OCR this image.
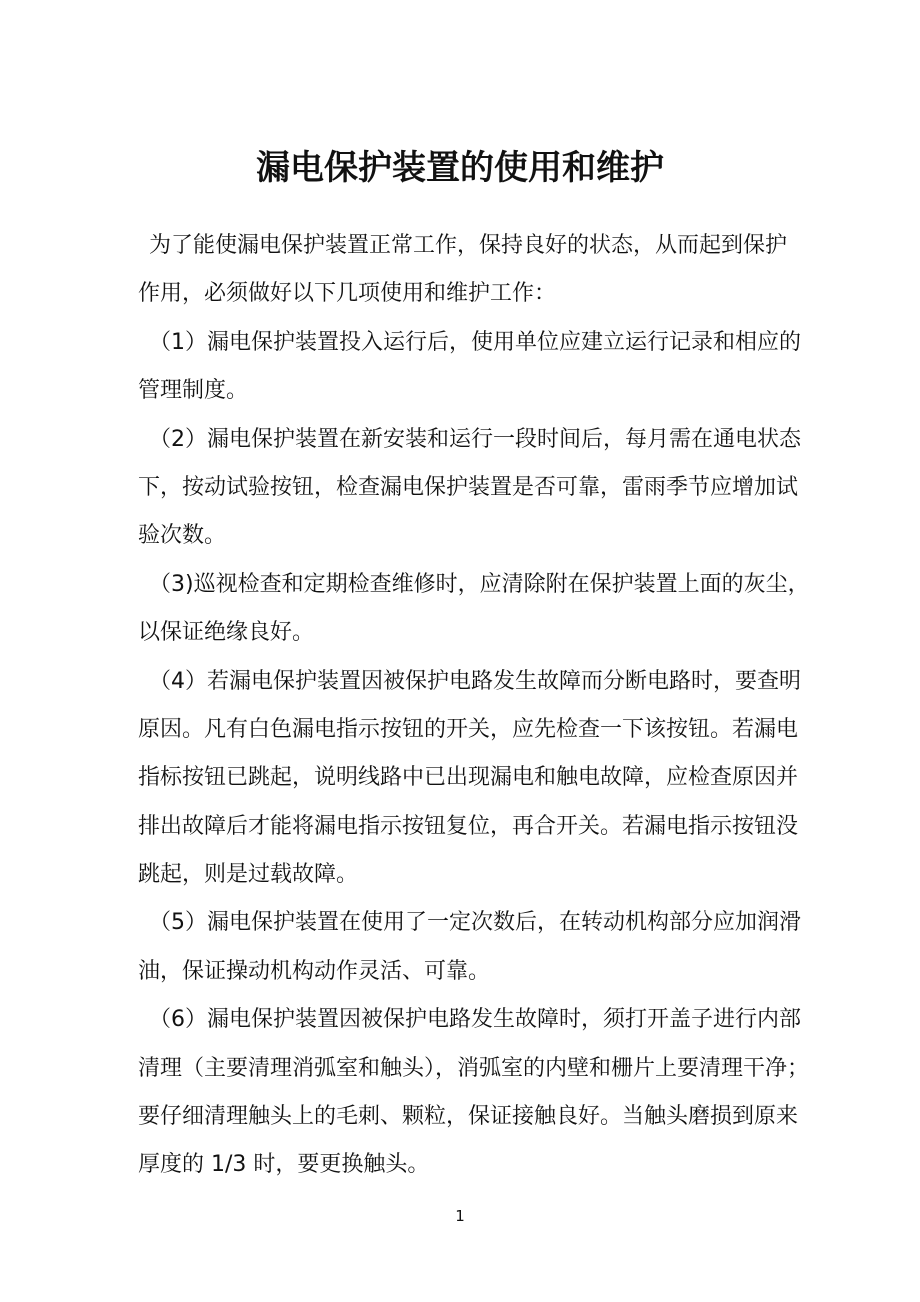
漏电保护装置的使用和维护
为了能使漏电保护装置正常工作，保持良好的状态，从而起到保护
作用，必须做好以下几项使用和维护工作：
（1）漏电保护装置投入运行后，使用单位应建立运行记录和相应的
管理制度。
（2）漏电保护装置在新安装和运行一段时间后，每月需在通电状态
下，按动试验按钮，检查漏电保护装置是否可靠，雷雨季节应增加试
验次数。
（3)巡视检查和定期检查维修时，应清除附在保护装置上面的灰尘，
以保证绝缘良好。
（4）若漏电保护装置因被保护电路发生故障而分断电路时，要查明
原因。凡有白色漏电指示按钮的开关，应先检查一下该按钮。若漏电
指标按钮已跳起，说明线路中已出现漏电和触电故障，应检查原因并
排出故障后才能将漏电指示按钮复位，再合开关。若漏电指示按钮没
跳起，则是过载故障。
（5）漏电保护装置在使用了一定次数后，在转动机构部分应加润滑
油，保证操动机构动作灵活、可靠。
（6）漏电保护装置因被保护电路发生故障时，须打开盖子进行内部
清理（主要清理消弧室和触头），消弧室的内壁和栅片上要清理干净；
要仔细清理触头上的毛刺、颗粒，保证接触良好。当触头磨损到原来
厚度的 1/3 时，要更换触头。
1
